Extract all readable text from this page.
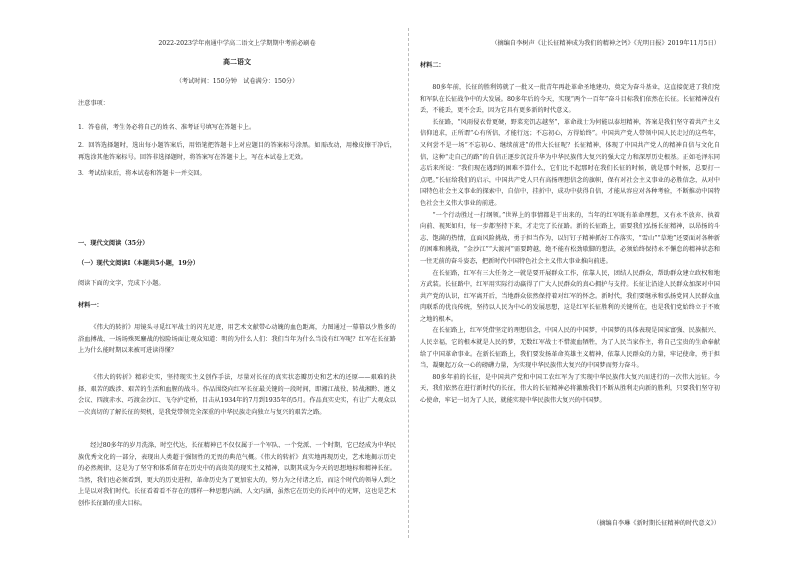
2022-2023学年南通中学高二语文上学期期中考前必刷卷

高二语文

（考试时间：150分钟　试卷满分：150分）

注意事项：

1．答卷前，考生务必将自己的姓名、准考证号填写在答题卡上。

2．回答选择题时，选出每小题答案后，用铅笔把答题卡上对应题目的答案标号涂黑。如需改动，用橡皮擦干净后，再选涂其他答案标号。回答非选择题时，将答案写在答题卡上，写在本试卷上无效。

3．考试结束后，将本试卷和答题卡一并交回。

一、现代文阅读（35分）

（一）现代文阅读Ⅰ（本题共5小题，19分）

阅读下面的文字，完成下小题。

材料一：

《伟大的转折》用镜头寻觅红军战士的闪光足迹，用艺术文献带心动魄的血色距离，力图通过一幕幕以少胜多的浴血搏战、一场场殊死鏖战的惊险场面让观众知道：明的为什么人们：我们当年为什么当没有红军呢？红军在长征路上为什么能时期以来被可进读得懂？

《伟大的转折》精彩史实，坚持现实主义创作手法，尽量对长征的真实状态瓣历史和艺术的还原——艰难的抉择、艰苦的跋涉、艰苦的生活和血腥的战斗。作品围绕向红军长征最关键的一段时间，即湘江战役、转战湘黔、遵义会议、四渡赤水、巧渡金沙江、飞夺泸定桥，目击从1934年的7月到1935年的5月。作品真实史实，有让广大观众以一次真切的了解长征的契机，是我党带领完全深重的中华民族走向独立与复兴的艰苦之路。

经过80多年的岁月洗涤，时空代达，长征精神已不仅仅属于一个军队、一个党派、一个时期，它已经成为中华民族优秀文化的一部分，表现出人类超于强韧性的无畏的典范气概。《伟大的转折》真实地再现历史，艺术地揭示历史的必然规律，这是为了坚守和体系留存在历史中的高贵美的现实主义精神，以期其成为今天的思想地标和精神长征。当然，我们也必须看到，更大的历史进程，革命历史为了更加宏大的，努力为之付诸之后，而这个时代的领导人到之上是以对我们时代。长征看着看不存在的那样一种思想内涵、人文内涵，虽然它在历史的长河中的光辉，这也是艺术创作长征路的重大目标。

（摘编自李树声《让长征精神成为我们的精神之钙》《光明日报》2019年11月5日）

材料二：

80多年前，长征的胜利铸就了一批又一批青年再赴革命圣地建功，奠定为奋斗基业，这直接促进了我们党和军队在长征战争中的大发展。80多年后的今天，实现“两个一百年”奋斗目标我们依然在长征。长征精神没有丢，不能丢，更不会丢，因为它具有更多新的时代意义。

长征路，“风雨侵衣骨更硬，野菜充饥志越坚”，革命战士为何能以泰坦精神，答案是我们坚守着共产主义信仰追求，正所谓“心有所信，才能行远；不忘初心，方得始终”。中国共产党人带领中国人民走过的这些年，又何尝不是一场“不忘初心、继续前进”的伟大长征呢？长征精神，体现了中国共产党人的精神自信与文化自信，这种“走自己的路”的自信正逐步沉淀升华为中华民族伟大复兴的强大定力和深厚历史根基。正如毛泽东同志后来所说：“我们现在遇到的困难不算什么，它们比不起那时在我们长征的时候，就是那个时候，总要打一点吧。”长征给我们的启示，中国共产党人只有高扬理想信念的旗帜，保有对社会主义事业的必胜信念，从对中国特色社会主义事业的探索中，自信中，挂折中，成功中获得自信，才能从容应对各种考验，不断推动中国特色社会主义伟大事业的前进。

“一个行动胜过一打纲领。”世界上的事情都是干出来的，当年的红军既有革命理想，又有永不放弃、执着向前、视死如归，每一步都坚持下来，才走完了长征路。新的长征路上，需要我们弘扬长征精神，以昂扬的斗志、饱满的热情，直面风险挑战，勇于担当作为，以钉钉子精神抓好工作落实，“雪山”“草地”还要面对各种新的困难和挑战，“金沙江”“大渡河”需要跨越，绝不能有松劲歇脚的想法，必须始终保持永不懈怠的精神状态和一往无前的奋斗姿态，把新时代中国特色社会主义伟大事业推向前进。

在长征路，红军有三大任务之一就是要开展群众工作，依靠人民，团结人民群众，帮助群众建立政权和地方武装。长征路中，红军用实际行动赢得了广大人民群众的真心拥护与支持。长征让沿途人民群众加深对中国共产党的认识，红军离开后，当地群众依然保持着对红军的怀念。新时代，我们要继承和弘扬党同人民群众血肉联系的优良传统，坚持以人民为中心的发展思想，这是红军长征胜利的关键所在，也是我们党始终立于不败之地的根本。

在长征路上，红军凭借坚定的理想信念，中国人民的中国梦，中国梦的具体表现是国家富强、民族振兴、人民幸福，它的根本就是人民的梦，无数红军战士不惜流血牺牲，为了人民当家作主，将自己宝贵的生命奉献给了中国革命事业。在新长征路上，我们要发扬革命英雄主义精神，依靠人民群众的力量，牢记使命，勇于担当，凝聚起万众一心的磅礴力量，为实现中华民族伟大复兴的中国梦而努力奋斗。

80多年前的长征，是中国共产党和中国工农红军为了实现中华民族伟大复兴而进行的一次伟大远征。今天，我们依然在进行新时代的长征，伟大的长征精神必将激励我们不断从胜利走向新的胜利，只要我们坚守初心使命，牢记一切为了人民，就能实现中华民族伟大复兴的中国梦。

（摘编自李琳《新时期长征精神的时代意义》）
